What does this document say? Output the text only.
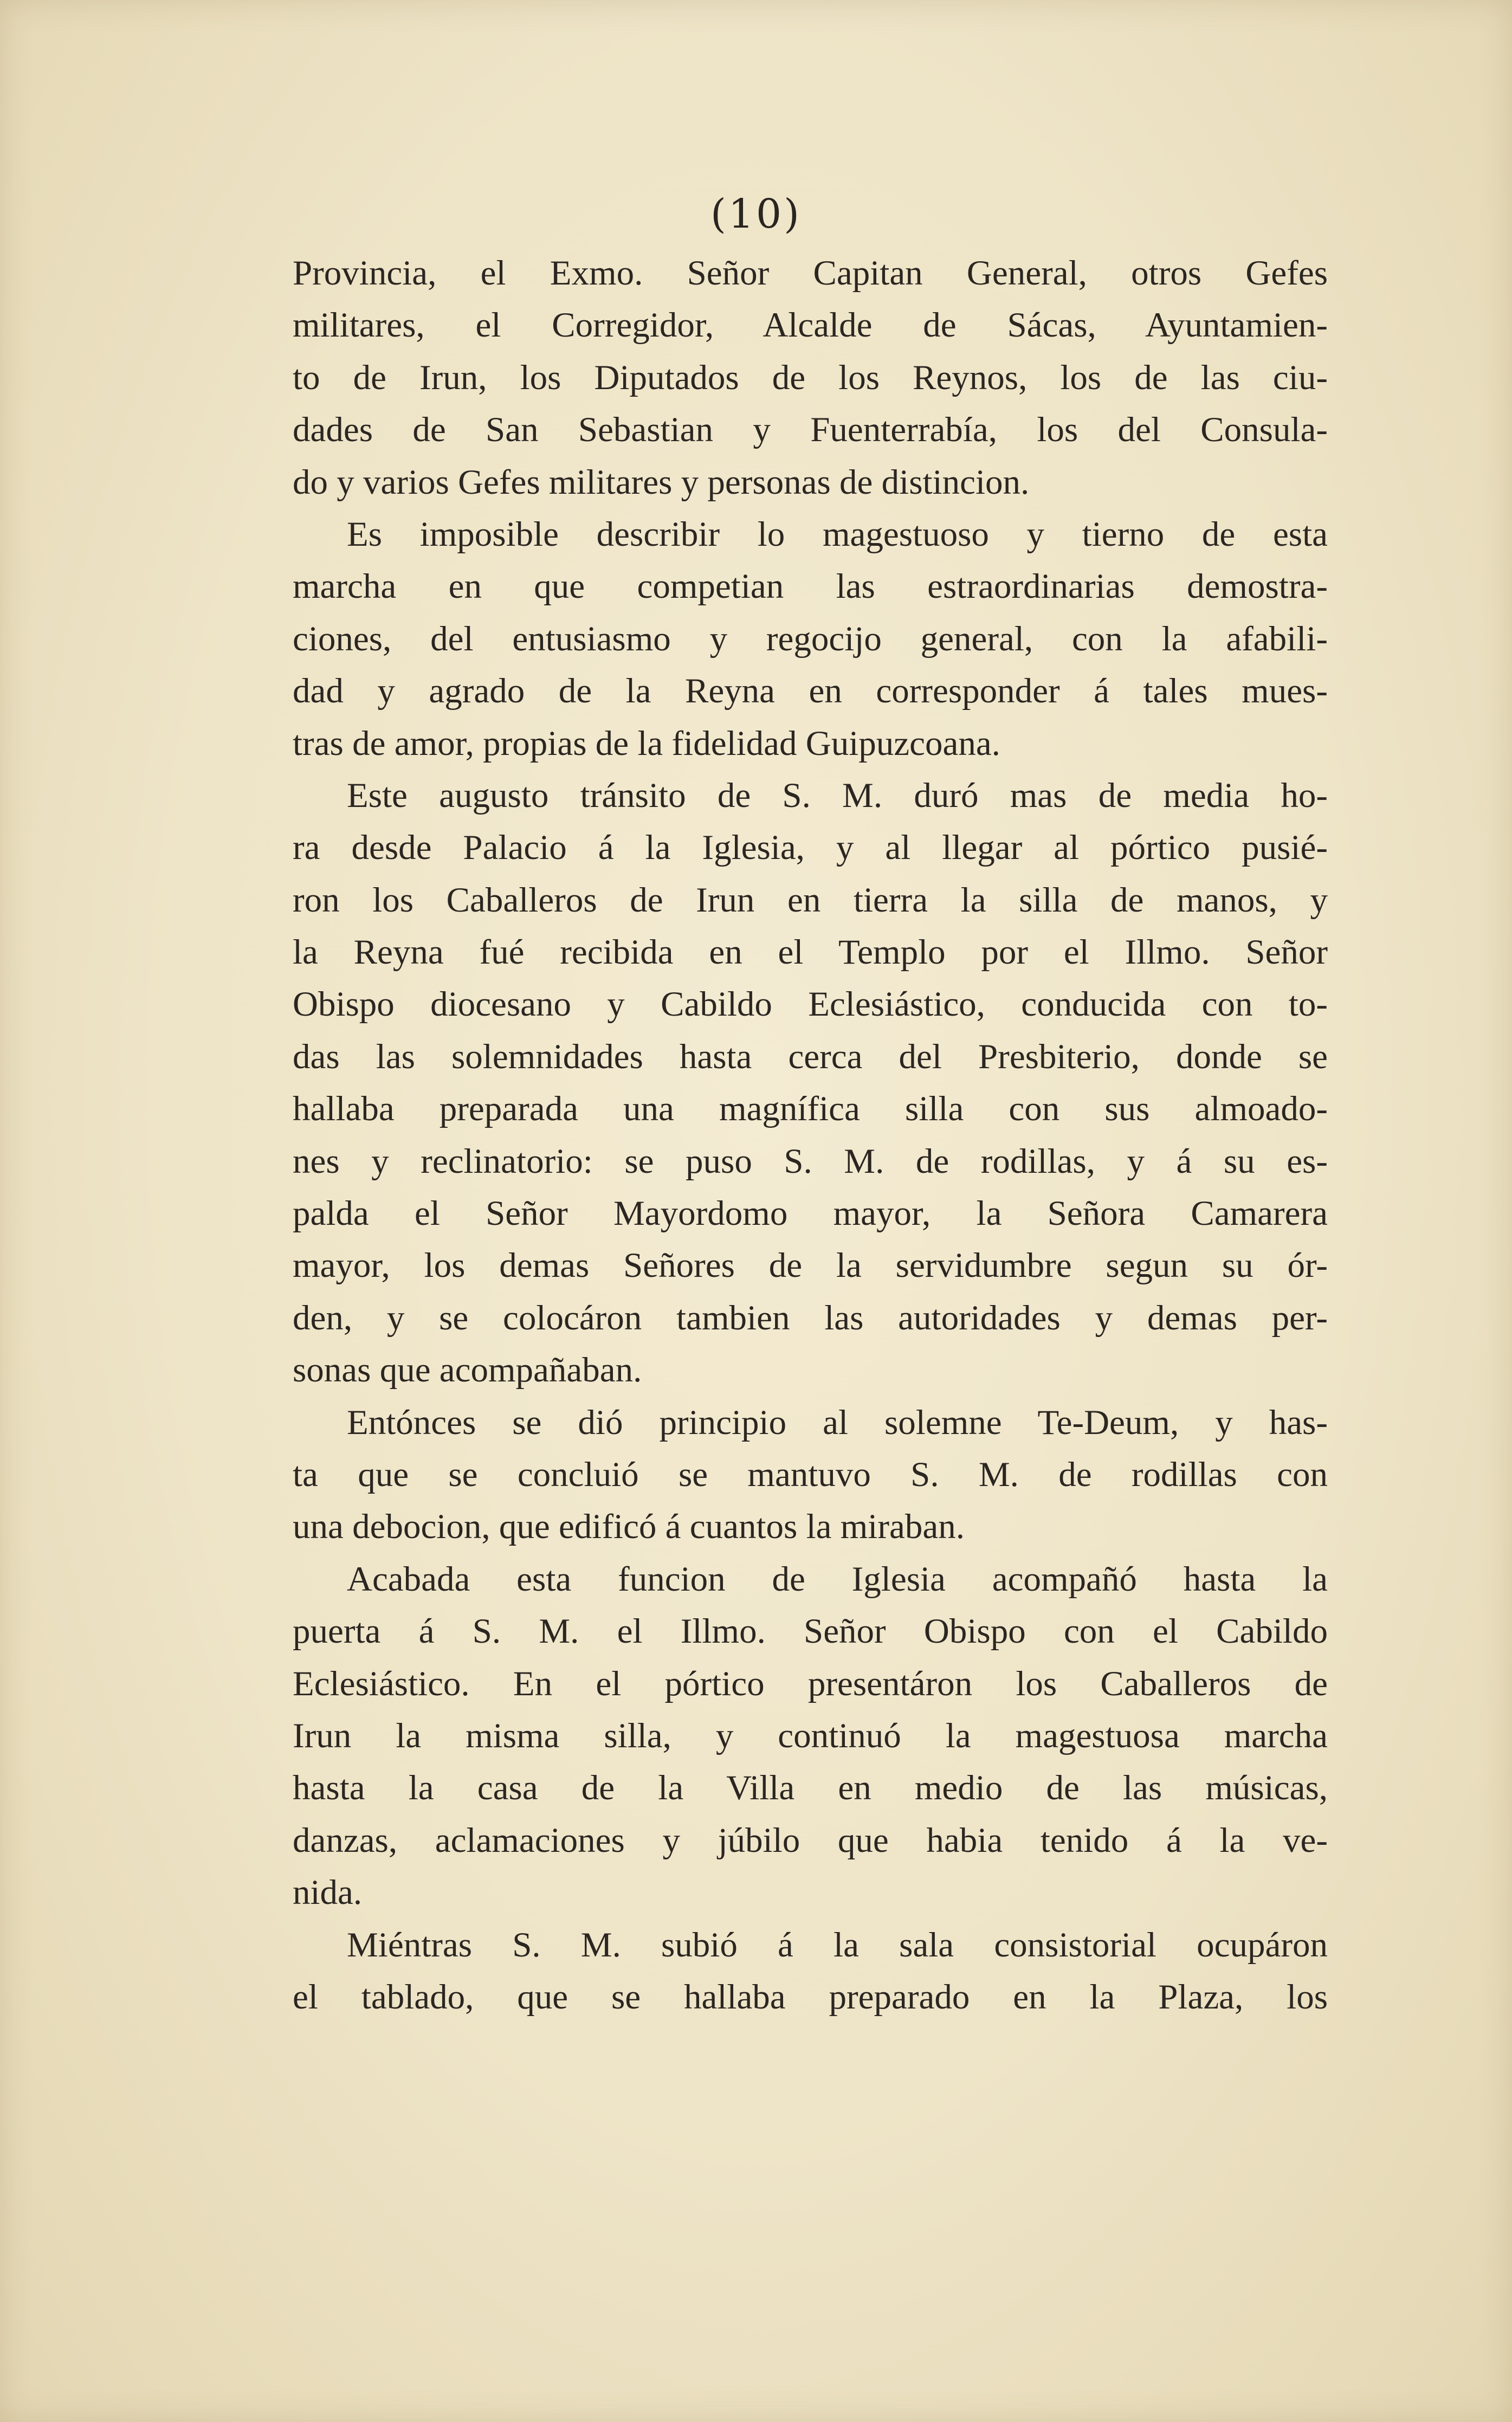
(10)
Provincia, el Exmo. Señor Capitan General, otros Gefes
militares, el Corregidor, Alcalde de Sácas, Ayuntamien-
to de Irun, los Diputados de los Reynos, los de las ciu-
dades de San Sebastian y Fuenterrabía, los del Consula-
do y varios Gefes militares y personas de distincion.
Es imposible describir lo magestuoso y tierno de esta
marcha en que competian las estraordinarias demostra-
ciones, del entusiasmo y regocijo general, con la afabili-
dad y agrado de la Reyna en corresponder á tales mues-
tras de amor, propias de la fidelidad Guipuzcoana.
Este augusto tránsito de S. M. duró mas de media ho-
ra desde Palacio á la Iglesia, y al llegar al pórtico pusié-
ron los Caballeros de Irun en tierra la silla de manos, y
la Reyna fué recibida en el Templo por el Illmo. Señor
Obispo diocesano y Cabildo Eclesiástico, conducida con to-
das las solemnidades hasta cerca del Presbiterio, donde se
hallaba preparada una magnífica silla con sus almoado-
nes y reclinatorio: se puso S. M. de rodillas, y á su es-
palda el Señor Mayordomo mayor, la Señora Camarera
mayor, los demas Señores de la servidumbre segun su ór-
den, y se colocáron tambien las autoridades y demas per-
sonas que acompañaban.
Entónces se dió principio al solemne Te-Deum, y has-
ta que se concluió se mantuvo S. M. de rodillas con
una debocion, que edificó á cuantos la miraban.
Acabada esta funcion de Iglesia acompañó hasta la
puerta á S. M. el Illmo. Señor Obispo con el Cabildo
Eclesiástico. En el pórtico presentáron los Caballeros de
Irun la misma silla, y continuó la magestuosa marcha
hasta la casa de la Villa en medio de las músicas,
danzas, aclamaciones y júbilo que habia tenido á la ve-
nida.
Miéntras S. M. subió á la sala consistorial ocupáron
el tablado, que se hallaba preparado en la Plaza, los
